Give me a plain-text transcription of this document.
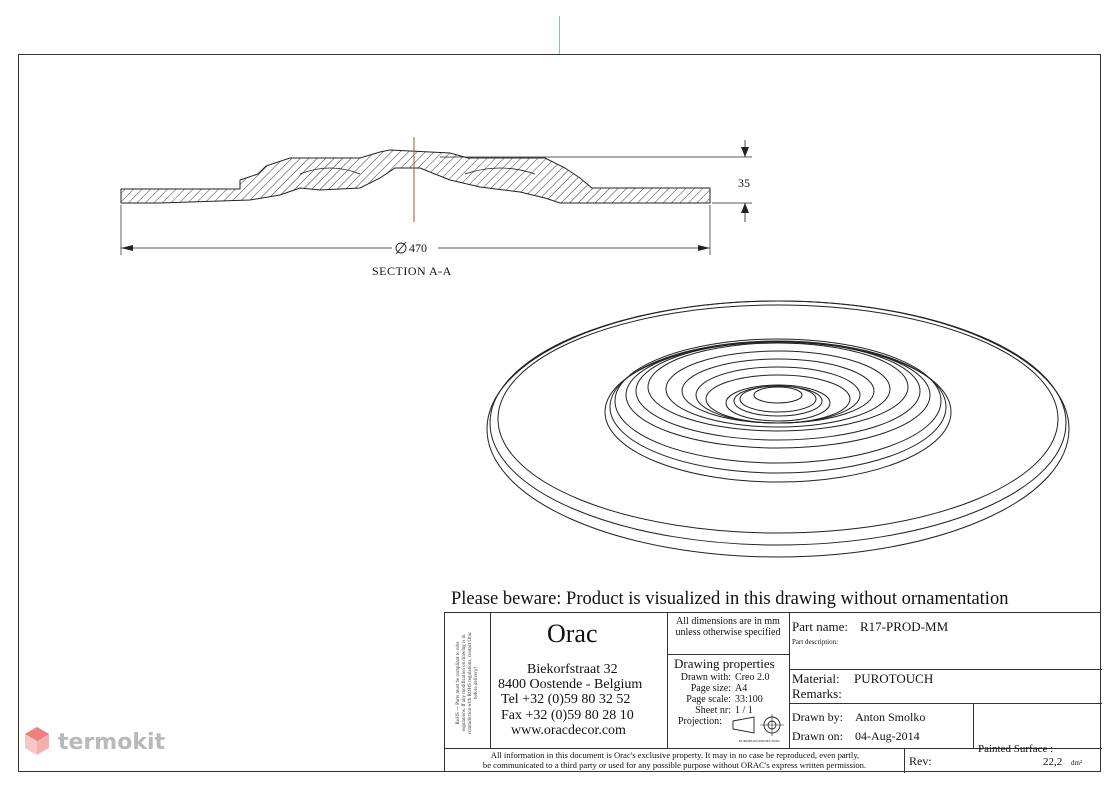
35
470
SECTION A-A
Please beware: Product is visualized in this drawing without ornamentation
RoHS — Parts must be compliant to rohs regulations. If any modification on drawing is in contradiction with ROHS regulations, contact Orac before delivery!
Orac
Biekorfstraat 32
8400 Oostende - Belgium
Tel +32 (0)59 80 32 52
Fax +32 (0)59 80 28 10
www.oracdecor.com
All dimensions are in mm unless otherwise specified
Drawing properties
Drawn with: Creo 2.0
Page size: A4
Page scale: 33:100
Sheet nr: 1 / 1
Projection:
EUROPEAN PROJECTION
Part name: R17-PROD-MM
Part description:
Material: PUROTOUCH
Remarks:
Drawn by: Anton Smolko
Drawn on: 04-Aug-2014
All information in this document is Orac's exclusive property. It may in no case be reproduced, even partly,
be communicated to a third party or used for any possible purpose without ORAC's express written permission.	Rev:
Painted Surface :
22,2 dm²
termokit
